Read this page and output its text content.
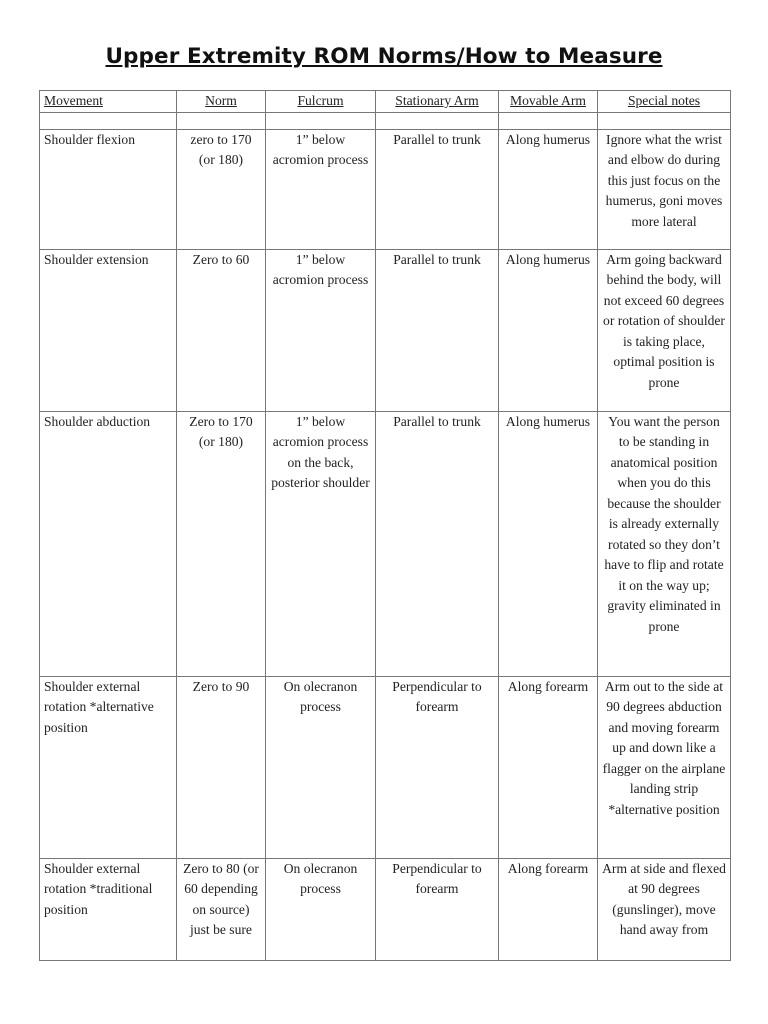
Upper Extremity ROM Norms/How to Measure
Movement	Norm	Fulcrum	Stationary Arm	Movable Arm	Special notes

Shoulder flexion	zero to 170 (or 180)	1” below acromion process	Parallel to trunk	Along humerus	Ignore what the wrist and elbow do during this just focus on the humerus, goni moves more lateral
Shoulder extension	Zero to 60	1” below acromion process	Parallel to trunk	Along humerus	Arm going backward behind the body, will not exceed 60 degrees or rotation of shoulder is taking place, optimal position is prone
Shoulder abduction	Zero to 170 (or 180)	1” below acromion process on the back, posterior shoulder	Parallel to trunk	Along humerus	You want the person to be standing in anatomical position when you do this because the shoulder is already externally rotated so they don’t have to flip and rotate it on the way up; gravity eliminated in prone
Shoulder external rotation *alternative position	Zero to 90	On olecranon process	Perpendicular to forearm	Along forearm	Arm out to the side at 90 degrees abduction and moving forearm up and down like a flagger on the airplane landing strip *alternative position
Shoulder external rotation *traditional position	Zero to 80 (or 60 depending on source) just be sure	On olecranon process	Perpendicular to forearm	Along forearm	Arm at side and flexed at 90 degrees (gunslinger), move hand away from
